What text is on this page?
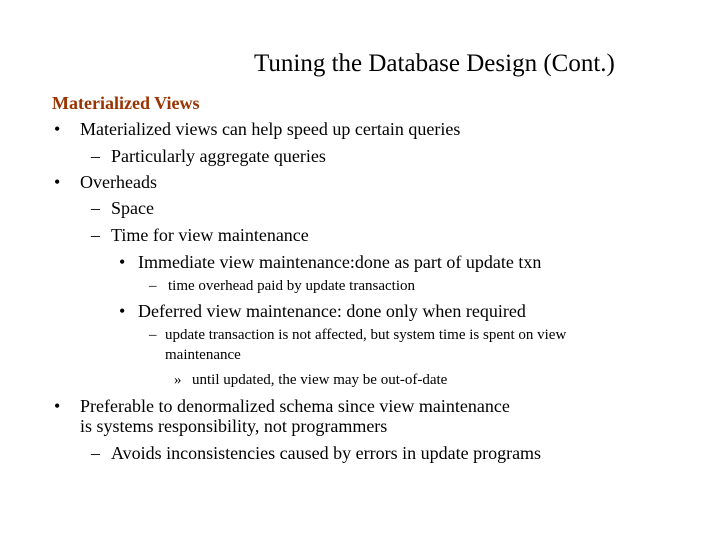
Tuning the Database Design (Cont.)
Materialized Views
• Materialized views can help speed up certain queries
– Particularly aggregate queries
• Overheads
– Space
– Time for view maintenance
• Immediate view maintenance:done as part of update txn
– time overhead paid by update transaction
• Deferred view maintenance: done only when required
– update transaction is not affected, but system time is spent on view
maintenance
» until updated, the view may be out-of-date
• Preferable to denormalized schema since view maintenance
is systems responsibility, not programmers
– Avoids inconsistencies caused by errors in update programs
